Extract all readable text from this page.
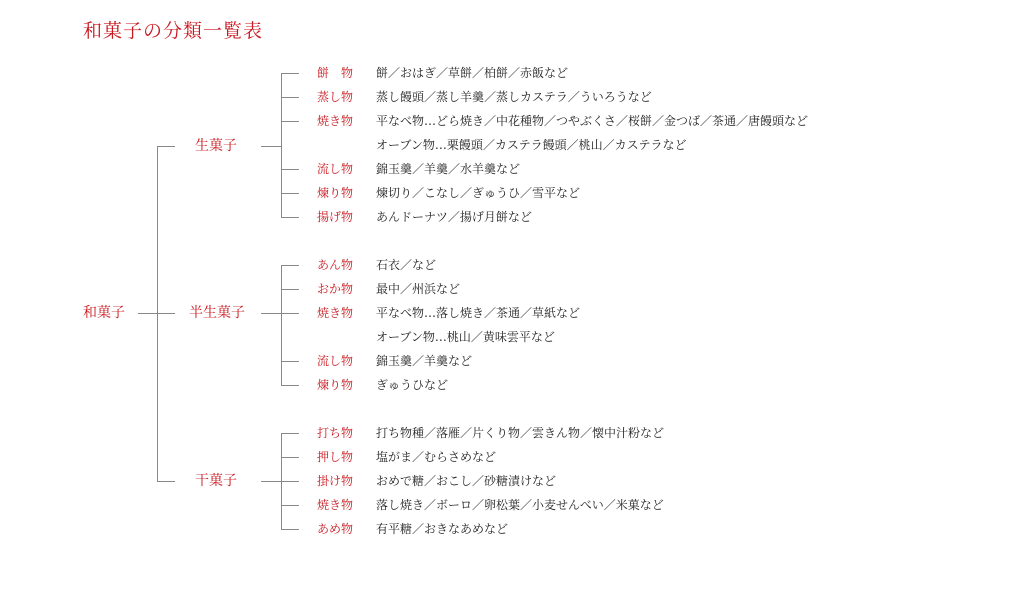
和菓子の分類一覧表
和菓子
生菓子
餅　物 餅／おはぎ／草餅／柏餅／赤飯など
蒸し物 蒸し饅頭／蒸し羊羹／蒸しカステラ／ういろうなど
焼き物 平なべ物…どら焼き／中花種物／つやぶくさ／桜餅／金つば／茶通／唐饅頭など
オーブン物…栗饅頭／カステラ饅頭／桃山／カステラなど
流し物 錦玉羹／羊羹／水羊羹など
煉り物 煉切り／こなし／ぎゅうひ／雪平など
揚げ物 あんドーナツ／揚げ月餅など
半生菓子
あん物 石衣／など
おか物 最中／州浜など
焼き物 平なべ物…落し焼き／茶通／草紙など
オーブン物…桃山／黄味雲平など
流し物 錦玉羹／羊羹など
煉り物 ぎゅうひなど
干菓子
打ち物 打ち物種／落雁／片くり物／雲きん物／懐中汁粉など
押し物 塩がま／むらさめなど
掛け物 おめで糖／おこし／砂糖漬けなど
焼き物 落し焼き／ボーロ／卵松葉／小麦せんべい／米菓など
あめ物 有平糖／おきなあめなど
